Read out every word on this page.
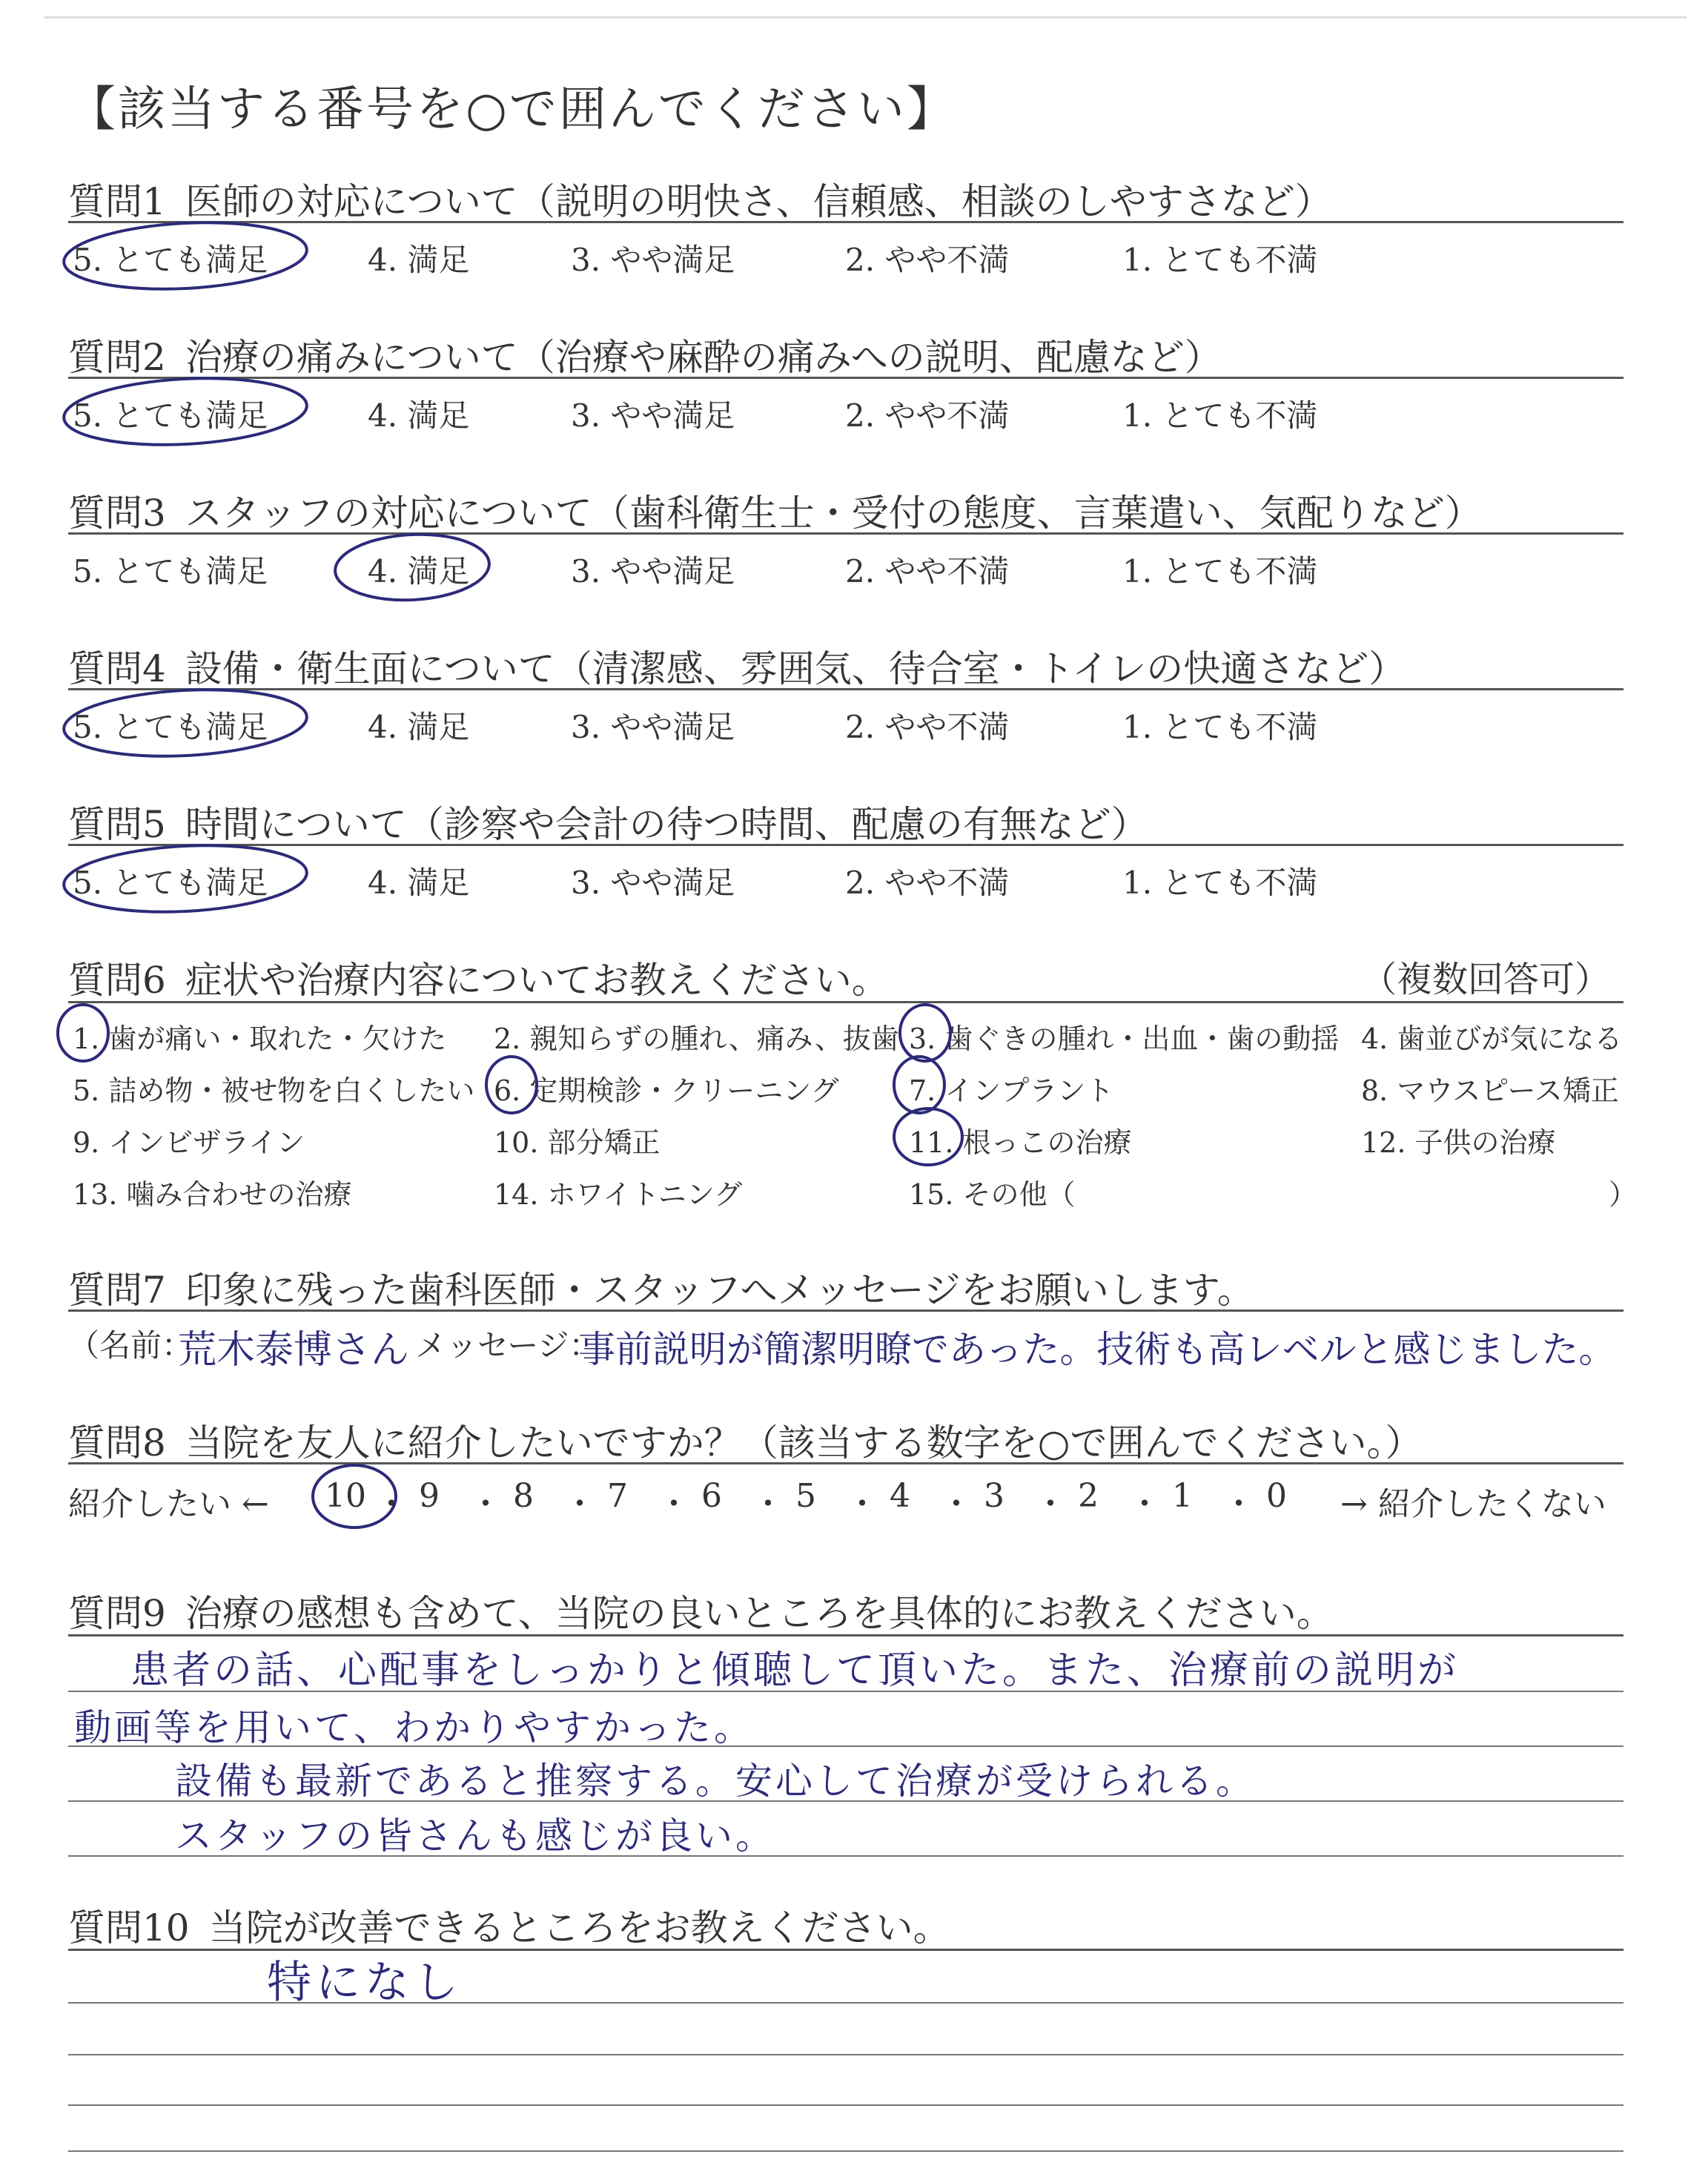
【該当する番号を○で囲んでください】
質問1 医師の対応について（説明の明快さ、信頼感、相談のしやすさなど）
5. とても満足	4. 満足	3. やや満足	2. やや不満	1. とても不満
質問2 治療の痛みについて（治療や麻酔の痛みへの説明、配慮など）
5. とても満足	4. 満足	3. やや満足	2. やや不満	1. とても不満
質問3 スタッフの対応について（歯科衛生士・受付の態度、言葉遣い、気配りなど）
5. とても満足	4. 満足	3. やや満足	2. やや不満	1. とても不満
質問4 設備・衛生面について（清潔感、雰囲気、待合室・トイレの快適さなど）
5. とても満足	4. 満足	3. やや満足	2. やや不満	1. とても不満
質問5 時間について（診察や会計の待つ時間、配慮の有無など）
5. とても満足	4. 満足	3. やや満足	2. やや不満	1. とても不満
質問6 症状や治療内容についてお教えください。	（複数回答可）
1. 歯が痛い・取れた・欠けた 2. 親知らずの腫れ、痛み、抜歯 3. 歯ぐきの腫れ・出血・歯の動揺 4. 歯並びが気になる
5. 詰め物・被せ物を白くしたい 6. 定期検診・クリーニング 7. インプラント	8. マウスピース矯正
9. インビザライン	10. 部分矯正	11. 根っこの治療	12. 子供の治療
13. 噛み合わせの治療	14. ホワイトニング	15. その他（	）
質問7 印象に残った歯科医師・スタッフへメッセージをお願いします。
（名前：
荒木泰博さん メッセージ：
事前説明が簡潔明瞭であった。技術も高レベルと感じました。
質問8 当院を友人に紹介したいですか？（該当する数字を○で囲んでください。）
紹介したい ←	→ 紹介したくない
10 ・ 9 ・ 8 ・ 7 ・ 6 ・ 5 ・ 4 ・ 3 ・ 2 ・ 1 ・ 0
質問9 治療の感想も含めて、当院の良いところを具体的にお教えください。
患者の話、心配事をしっかりと傾聴して頂いた。また、治療前の説明が
動画等を用いて、わかりやすかった。
設備も最新であると推察する。安心して治療が受けられる。
スタッフの皆さんも感じが良い。
質問10 当院が改善できるところをお教えください。
特になし
